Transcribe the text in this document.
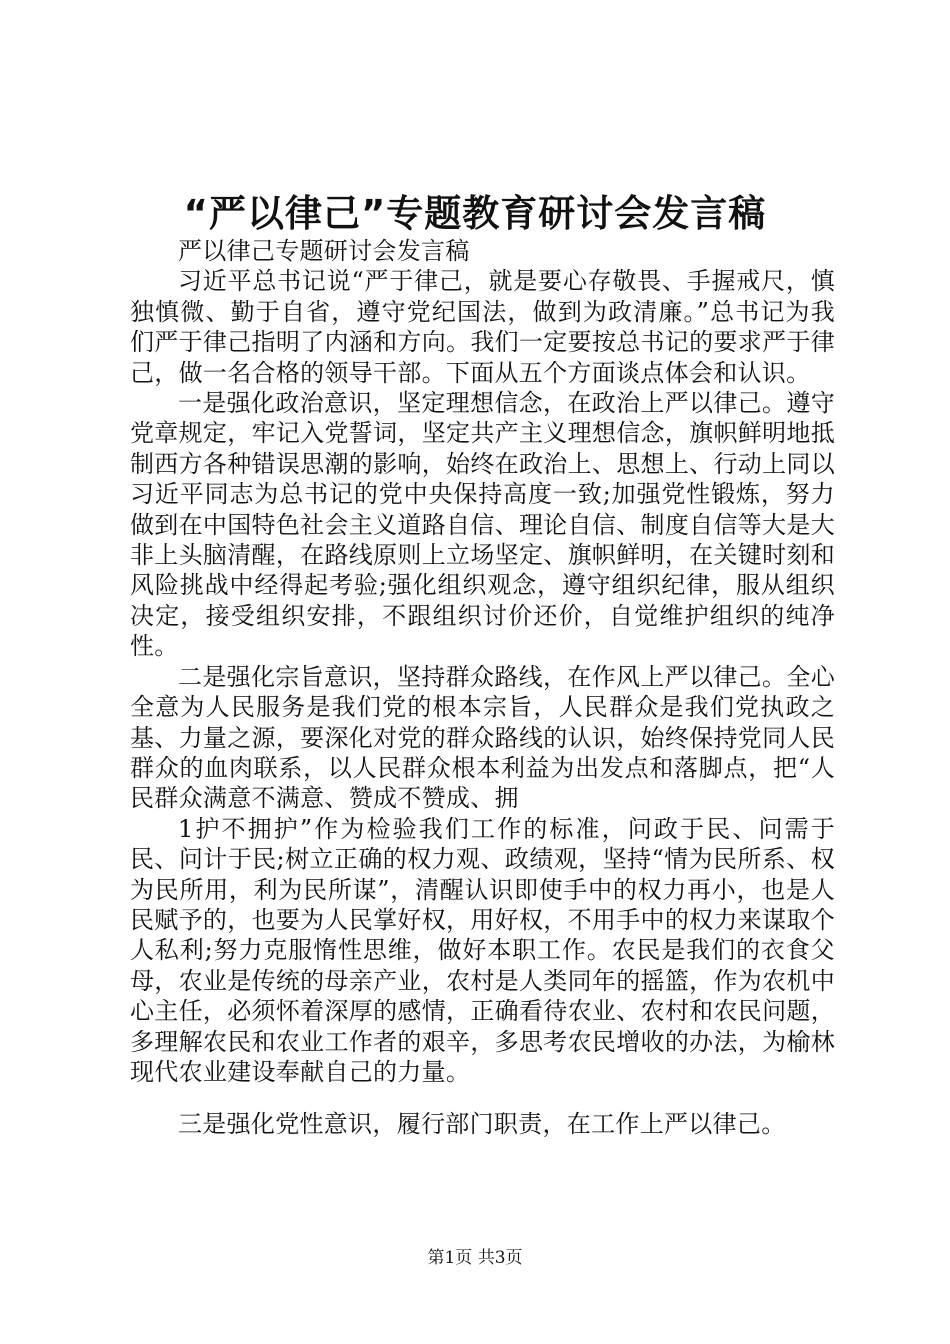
“严以律己”专题教育研讨会发言稿

严以律己专题研讨会发言稿

习近平总书记说“严于律己，就是要心存敬畏、手握戒尺，慎独慎微、勤于自省，遵守党纪国法，做到为政清廉。”总书记为我们严于律己指明了内涵和方向。我们一定要按总书记的要求严于律己，做一名合格的领导干部。下面从五个方面谈点体会和认识。

一是强化政治意识，坚定理想信念，在政治上严以律己。遵守党章规定，牢记入党誓词，坚定共产主义理想信念，旗帜鲜明地抵制西方各种错误思潮的影响，始终在政治上、思想上、行动上同以习近平同志为总书记的党中央保持高度一致;加强党性锻炼，努力做到在中国特色社会主义道路自信、理论自信、制度自信等大是大非上头脑清醒，在路线原则上立场坚定、旗帜鲜明，在关键时刻和风险挑战中经得起考验;强化组织观念，遵守组织纪律，服从组织决定，接受组织安排，不跟组织讨价还价，自觉维护组织的纯净性。

二是强化宗旨意识，坚持群众路线，在作风上严以律己。全心全意为人民服务是我们党的根本宗旨，人民群众是我们党执政之基、力量之源，要深化对党的群众路线的认识，始终保持党同人民群众的血肉联系，以人民群众根本利益为出发点和落脚点，把“人民群众满意不满意、赞成不赞成、拥

1护不拥护”作为检验我们工作的标准，问政于民、问需于民、问计于民;树立正确的权力观、政绩观，坚持“情为民所系、权为民所用，利为民所谋”，清醒认识即使手中的权力再小，也是人民赋予的，也要为人民掌好权，用好权，不用手中的权力来谋取个人私利;努力克服惰性思维，做好本职工作。农民是我们的衣食父母，农业是传统的母亲产业，农村是人类同年的摇篮，作为农机中心主任，必须怀着深厚的感情，正确看待农业、农村和农民问题，多理解农民和农业工作者的艰辛，多思考农民增收的办法，为榆林现代农业建设奉献自己的力量。

三是强化党性意识，履行部门职责，在工作上严以律己。

第1页 共3页
